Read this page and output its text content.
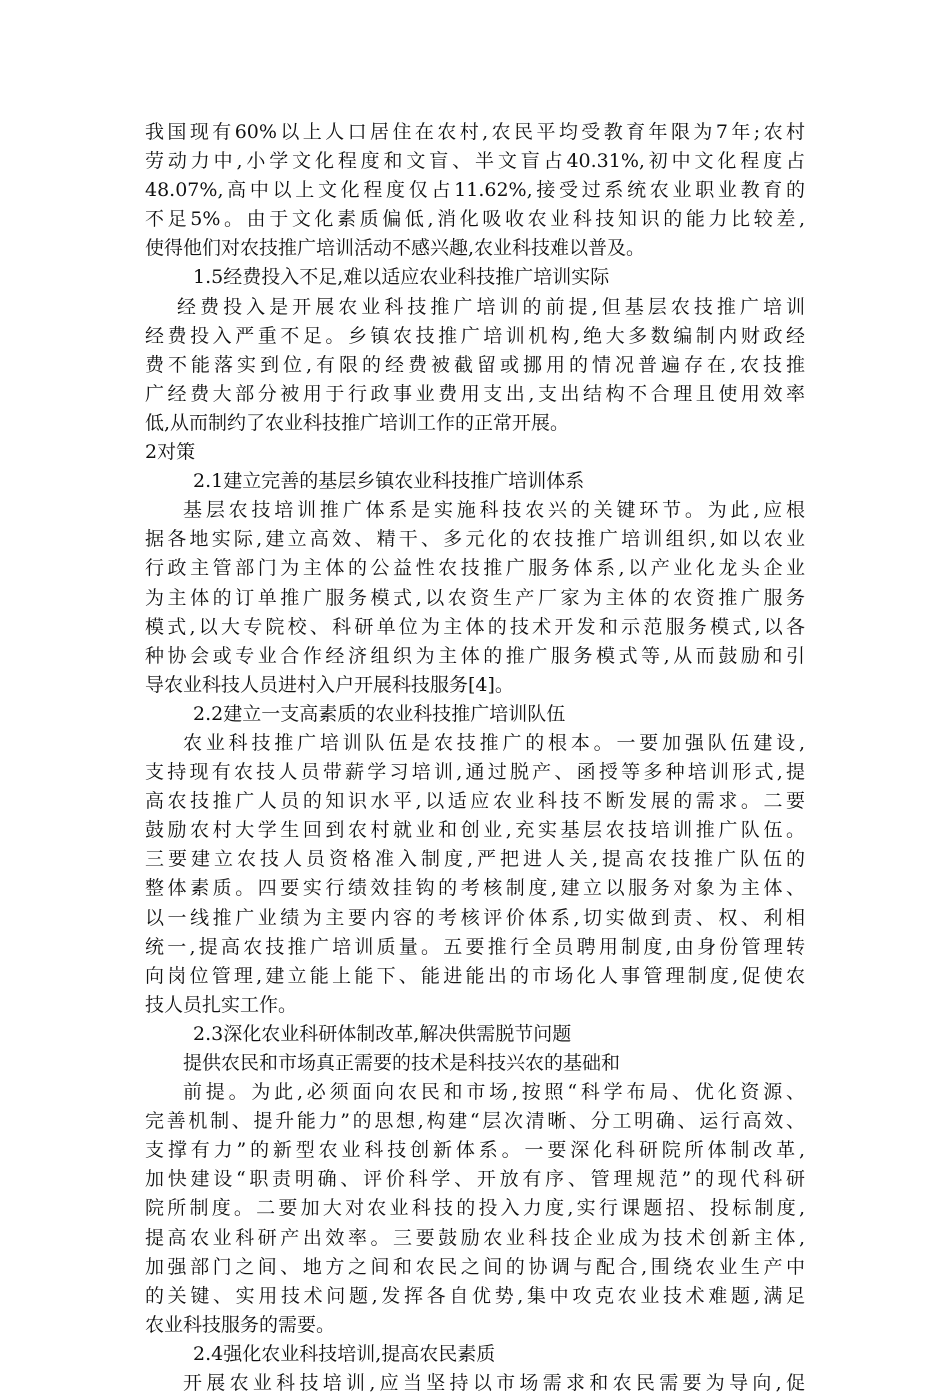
我国现有60%以上人口居住在农村,农民平均受教育年限为7年;农村
劳动力中,小学文化程度和文盲、半文盲占40.31%,初中文化程度占
48.07%,高中以上文化程度仅占11.62%,接受过系统农业职业教育的
不足5%。由于文化素质偏低,消化吸收农业科技知识的能力比较差,
使得他们对农技推广培训活动不感兴趣,农业科技难以普及。
1.5经费投入不足,难以适应农业科技推广培训实际
经费投入是开展农业科技推广培训的前提,但基层农技推广培训
经费投入严重不足。乡镇农技推广培训机构,绝大多数编制内财政经
费不能落实到位,有限的经费被截留或挪用的情况普遍存在,农技推
广经费大部分被用于行政事业费用支出,支出结构不合理且使用效率
低,从而制约了农业科技推广培训工作的正常开展。
2对策
2.1建立完善的基层乡镇农业科技推广培训体系
基层农技培训推广体系是实施科技农兴的关键环节。为此,应根
据各地实际,建立高效、精干、多元化的农技推广培训组织,如以农业
行政主管部门为主体的公益性农技推广服务体系,以产业化龙头企业
为主体的订单推广服务模式,以农资生产厂家为主体的农资推广服务
模式,以大专院校、科研单位为主体的技术开发和示范服务模式,以各
种协会或专业合作经济组织为主体的推广服务模式等,从而鼓励和引
导农业科技人员进村入户开展科技服务[4]。
2.2建立一支高素质的农业科技推广培训队伍
农业科技推广培训队伍是农技推广的根本。一要加强队伍建设,
支持现有农技人员带薪学习培训,通过脱产、函授等多种培训形式,提
高农技推广人员的知识水平,以适应农业科技不断发展的需求。二要
鼓励农村大学生回到农村就业和创业,充实基层农技培训推广队伍。
三要建立农技人员资格准入制度,严把进人关,提高农技推广队伍的
整体素质。四要实行绩效挂钩的考核制度,建立以服务对象为主体、
以一线推广业绩为主要内容的考核评价体系,切实做到责、权、利相
统一,提高农技推广培训质量。五要推行全员聘用制度,由身份管理转
向岗位管理,建立能上能下、能进能出的市场化人事管理制度,促使农
技人员扎实工作。
2.3深化农业科研体制改革,解决供需脱节问题
提供农民和市场真正需要的技术是科技兴农的基础和
前提。为此,必须面向农民和市场,按照“科学布局、优化资源、
完善机制、提升能力”的思想,构建“层次清晰、分工明确、运行高效、
支撑有力”的新型农业科技创新体系。一要深化科研院所体制改革,
加快建设“职责明确、评价科学、开放有序、管理规范”的现代科研
院所制度。二要加大对农业科技的投入力度,实行课题招、投标制度,
提高农业科研产出效率。三要鼓励农业科技企业成为技术创新主体,
加强部门之间、地方之间和农民之间的协调与配合,围绕农业生产中
的关键、实用技术问题,发挥各自优势,集中攻克农业技术难题,满足
农业科技服务的需要。
2.4强化农业科技培训,提高农民素质
开展农业科技培训,应当坚持以市场需求和农民需要为导向,促
